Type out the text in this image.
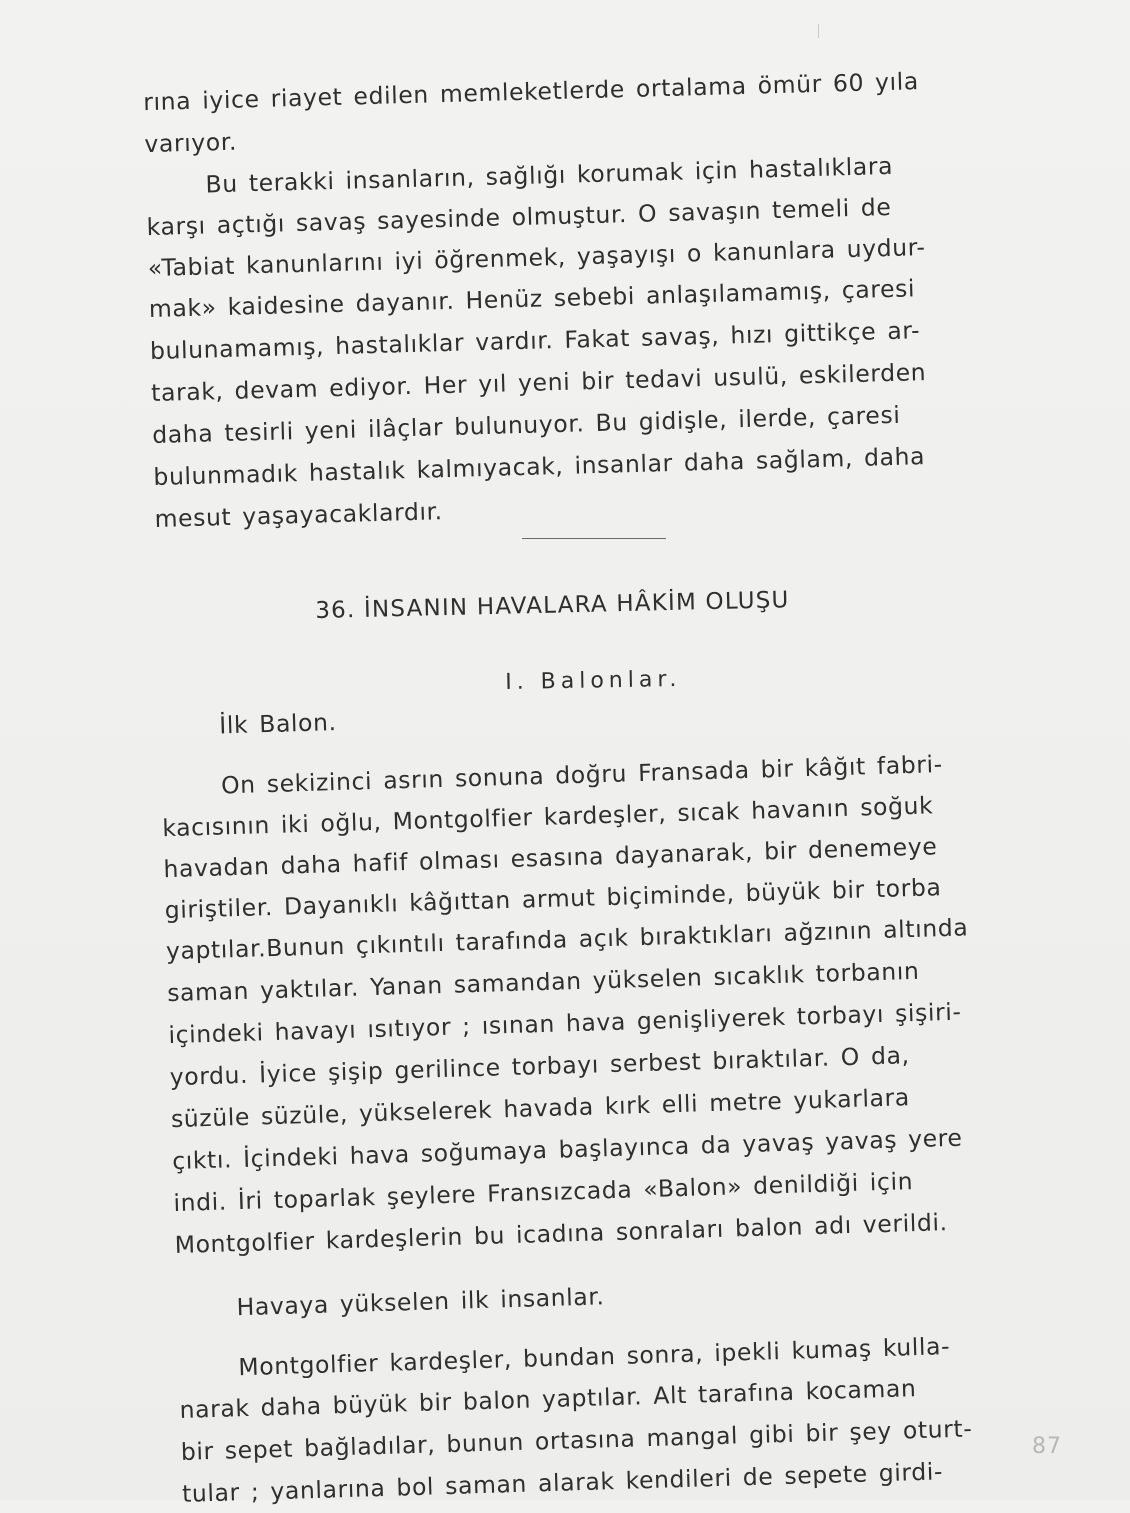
rına iyice riayet edilen memleketlerde ortalama ömür 60 yıla
varıyor.
Bu terakki insanların, sağlığı korumak için hastalıklara
karşı açtığı savaş sayesinde olmuştur. O savaşın temeli de
«Tabiat kanunlarını iyi öğrenmek, yaşayışı o kanunlara uydur-
mak» kaidesine dayanır. Henüz sebebi anlaşılamamış, çaresi
bulunamamış, hastalıklar vardır. Fakat savaş, hızı gittikçe ar-
tarak, devam ediyor. Her yıl yeni bir tedavi usulü, eskilerden
daha tesirli yeni ilâçlar bulunuyor. Bu gidişle, ilerde, çaresi
bulunmadık hastalık kalmıyacak, insanlar daha sağlam, daha
mesut yaşayacaklardır.
36. İNSANIN HAVALARA HÂKİM OLUŞU
I. Balonlar.
İlk Balon.
On sekizinci asrın sonuna doğru Fransada bir kâğıt fabri-
kacısının iki oğlu, Montgolfier kardeşler, sıcak havanın soğuk
havadan daha hafif olması esasına dayanarak, bir denemeye
giriştiler. Dayanıklı kâğıttan armut biçiminde, büyük bir torba
yaptılar.Bunun çıkıntılı tarafında açık bıraktıkları ağzının altında
saman yaktılar. Yanan samandan yükselen sıcaklık torbanın
içindeki havayı ısıtıyor ; ısınan hava genişliyerek torbayı şişiri-
yordu. İyice şişip gerilince torbayı serbest bıraktılar. O da,
süzüle süzüle, yükselerek havada kırk elli metre yukarlara
çıktı. İçindeki hava soğumaya başlayınca da yavaş yavaş yere
indi. İri toparlak şeylere Fransızcada «Balon» denildiği için
Montgolfier kardeşlerin bu icadına sonraları balon adı verildi.
Havaya yükselen ilk insanlar.
Montgolfier kardeşler, bundan sonra, ipekli kumaş kulla-
narak daha büyük bir balon yaptılar. Alt tarafına kocaman
bir sepet bağladılar, bunun ortasına mangal gibi bir şey oturt-
tular ; yanlarına bol saman alarak kendileri de sepete girdi-
87
